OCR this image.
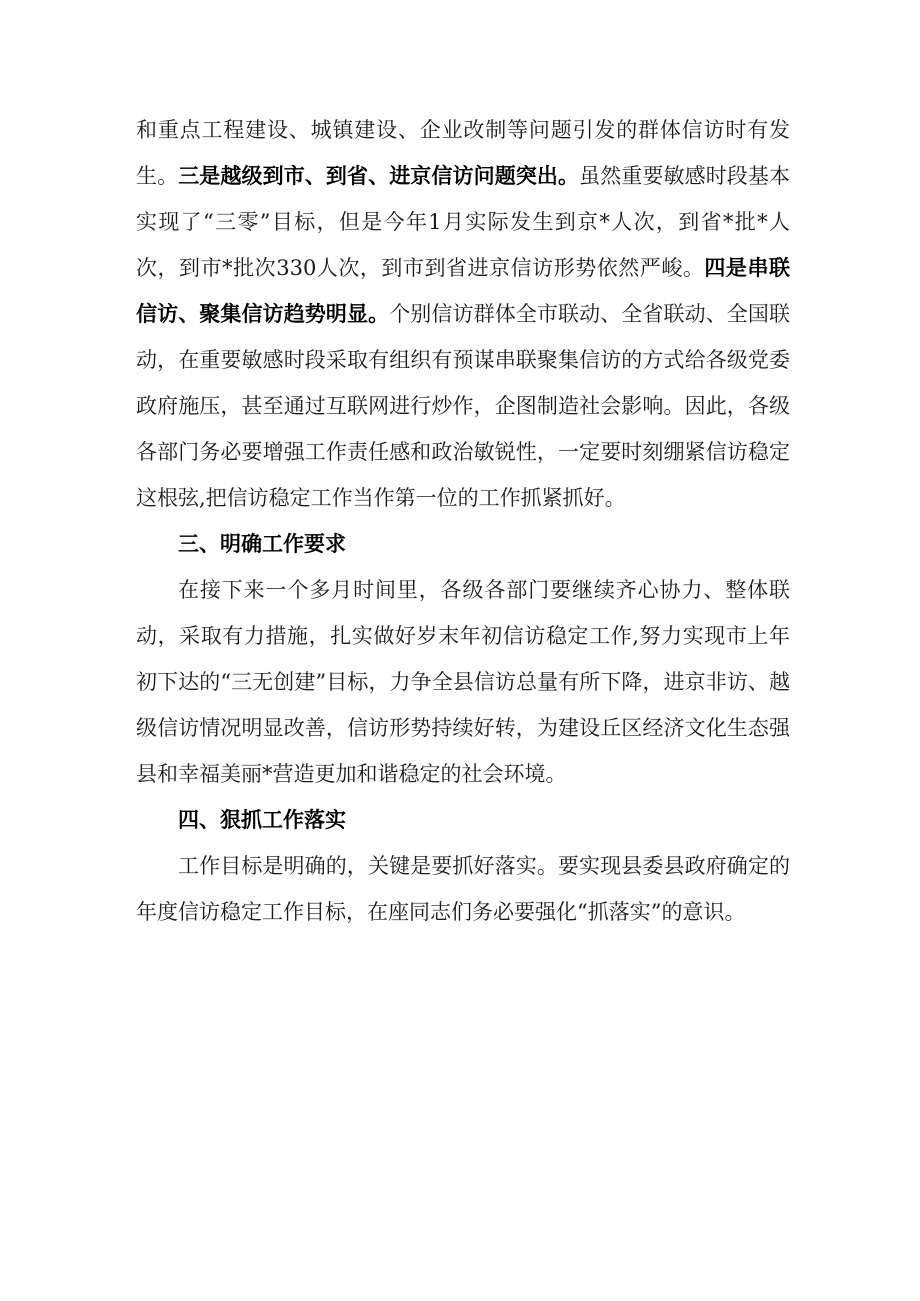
和重点工程建设、城镇建设、企业改制等问题引发的群体信访时有发生。三是越级到市、到省、进京信访问题突出。虽然重要敏感时段基本实现了“三零”目标，但是今年1月实际发生到京*人次，到省*批*人次，到市*批次330人次，到市到省进京信访形势依然严峻。四是串联信访、聚集信访趋势明显。个别信访群体全市联动、全省联动、全国联动，在重要敏感时段采取有组织有预谋串联聚集信访的方式给各级党委政府施压，甚至通过互联网进行炒作，企图制造社会影响。因此，各级各部门务必要增强工作责任感和政治敏锐性，一定要时刻绷紧信访稳定这根弦,把信访稳定工作当作第一位的工作抓紧抓好。

三、明确工作要求

在接下来一个多月时间里，各级各部门要继续齐心协力、整体联动，采取有力措施，扎实做好岁末年初信访稳定工作,努力实现市上年初下达的“三无创建”目标，力争全县信访总量有所下降，进京非访、越级信访情况明显改善，信访形势持续好转，为建设丘区经济文化生态强县和幸福美丽*营造更加和谐稳定的社会环境。

四、狠抓工作落实

工作目标是明确的，关键是要抓好落实。要实现县委县政府确定的年度信访稳定工作目标，在座同志们务必要强化“抓落实”的意识。
